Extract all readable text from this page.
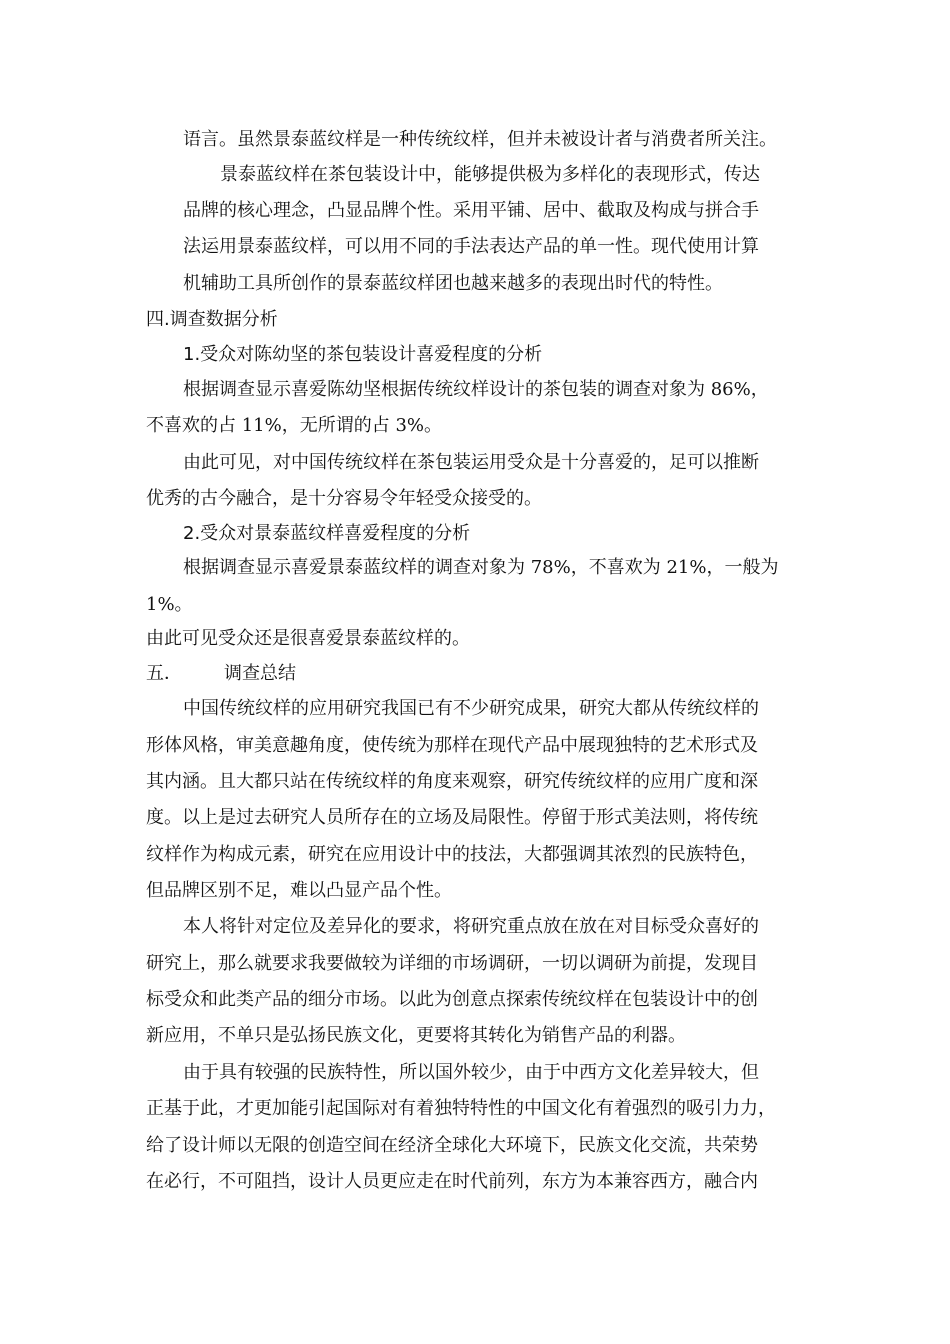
语言。虽然景泰蓝纹样是一种传统纹样，但并未被设计者与消费者所关注。
景泰蓝纹样在茶包装设计中，能够提供极为多样化的表现形式，传达
品牌的核心理念，凸显品牌个性。采用平铺、居中、截取及构成与拼合手
法运用景泰蓝纹样，可以用不同的手法表达产品的单一性。现代使用计算
机辅助工具所创作的景泰蓝纹样团也越来越多的表现出时代的特性。
四.调查数据分析
1.受众对陈幼坚的茶包装设计喜爱程度的分析
根据调查显示喜爱陈幼坚根据传统纹样设计的茶包装的调查对象为 86%，
不喜欢的占 11%，无所谓的占 3%。
由此可见，对中国传统纹样在茶包装运用受众是十分喜爱的，足可以推断
优秀的古今融合，是十分容易令年轻受众接受的。
2.受众对景泰蓝纹样喜爱程度的分析
根据调查显示喜爱景泰蓝纹样的调查对象为 78%，不喜欢为 21%，一般为
1%。
由此可见受众还是很喜爱景泰蓝纹样的。
五． 调查总结
中国传统纹样的应用研究我国已有不少研究成果，研究大都从传统纹样的
形体风格，审美意趣角度，使传统为那样在现代产品中展现独特的艺术形式及
其内涵。且大都只站在传统纹样的角度来观察，研究传统纹样的应用广度和深
度。以上是过去研究人员所存在的立场及局限性。停留于形式美法则，将传统
纹样作为构成元素，研究在应用设计中的技法，大都强调其浓烈的民族特色，
但品牌区别不足，难以凸显产品个性。
本人将针对定位及差异化的要求，将研究重点放在放在对目标受众喜好的
研究上，那么就要求我要做较为详细的市场调研，一切以调研为前提，发现目
标受众和此类产品的细分市场。以此为创意点探索传统纹样在包装设计中的创
新应用，不单只是弘扬民族文化，更要将其转化为销售产品的利器。
由于具有较强的民族特性，所以国外较少，由于中西方文化差异较大，但
正基于此，才更加能引起国际对有着独特特性的中国文化有着强烈的吸引力力，
给了设计师以无限的创造空间在经济全球化大环境下，民族文化交流，共荣势
在必行，不可阻挡，设计人员更应走在时代前列，东方为本兼容西方，融合内
